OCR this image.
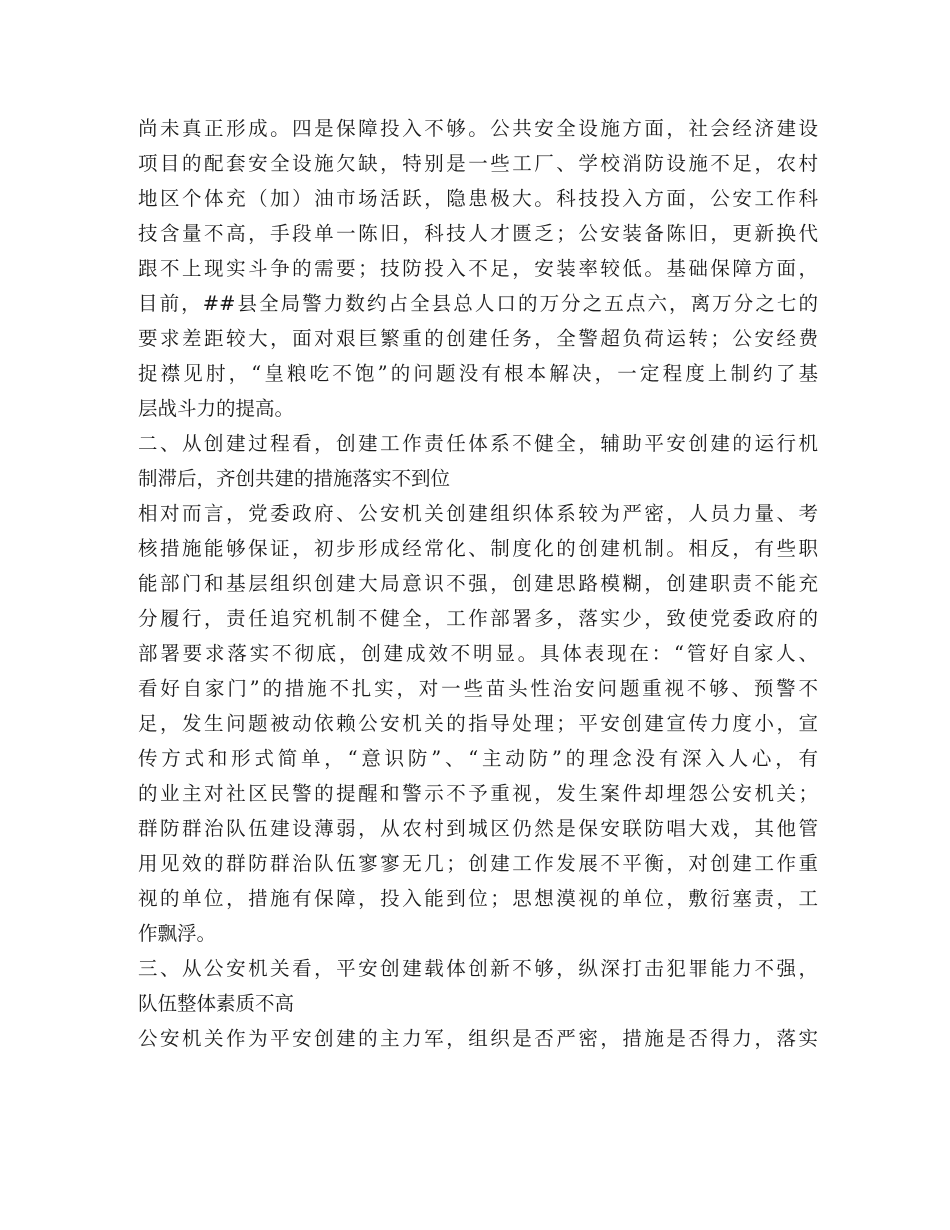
尚未真正形成。四是保障投入不够。公共安全设施方面，社会经济建设
项目的配套安全设施欠缺，特别是一些工厂、学校消防设施不足，农村
地区个体充（加）油市场活跃，隐患极大。科技投入方面，公安工作科
技含量不高，手段单一陈旧，科技人才匮乏；公安装备陈旧，更新换代
跟不上现实斗争的需要；技防投入不足，安装率较低。基础保障方面，
目前，##县全局警力数约占全县总人口的万分之五点六，离万分之七的
要求差距较大，面对艰巨繁重的创建任务，全警超负荷运转；公安经费
捉襟见肘，“皇粮吃不饱”的问题没有根本解决，一定程度上制约了基
层战斗力的提高。
二、从创建过程看，创建工作责任体系不健全，辅助平安创建的运行机
制滞后，齐创共建的措施落实不到位
相对而言，党委政府、公安机关创建组织体系较为严密，人员力量、考
核措施能够保证，初步形成经常化、制度化的创建机制。相反，有些职
能部门和基层组织创建大局意识不强，创建思路模糊，创建职责不能充
分履行，责任追究机制不健全，工作部署多，落实少，致使党委政府的
部署要求落实不彻底，创建成效不明显。具体表现在：“管好自家人、
看好自家门”的措施不扎实，对一些苗头性治安问题重视不够、预警不
足，发生问题被动依赖公安机关的指导处理；平安创建宣传力度小，宣
传方式和形式简单，“意识防”、“主动防”的理念没有深入人心，有
的业主对社区民警的提醒和警示不予重视，发生案件却埋怨公安机关；
群防群治队伍建设薄弱，从农村到城区仍然是保安联防唱大戏，其他管
用见效的群防群治队伍寥寥无几；创建工作发展不平衡，对创建工作重
视的单位，措施有保障，投入能到位；思想漠视的单位，敷衍塞责，工
作飘浮。
三、从公安机关看，平安创建载体创新不够，纵深打击犯罪能力不强，
队伍整体素质不高
公安机关作为平安创建的主力军，组织是否严密，措施是否得力，落实
